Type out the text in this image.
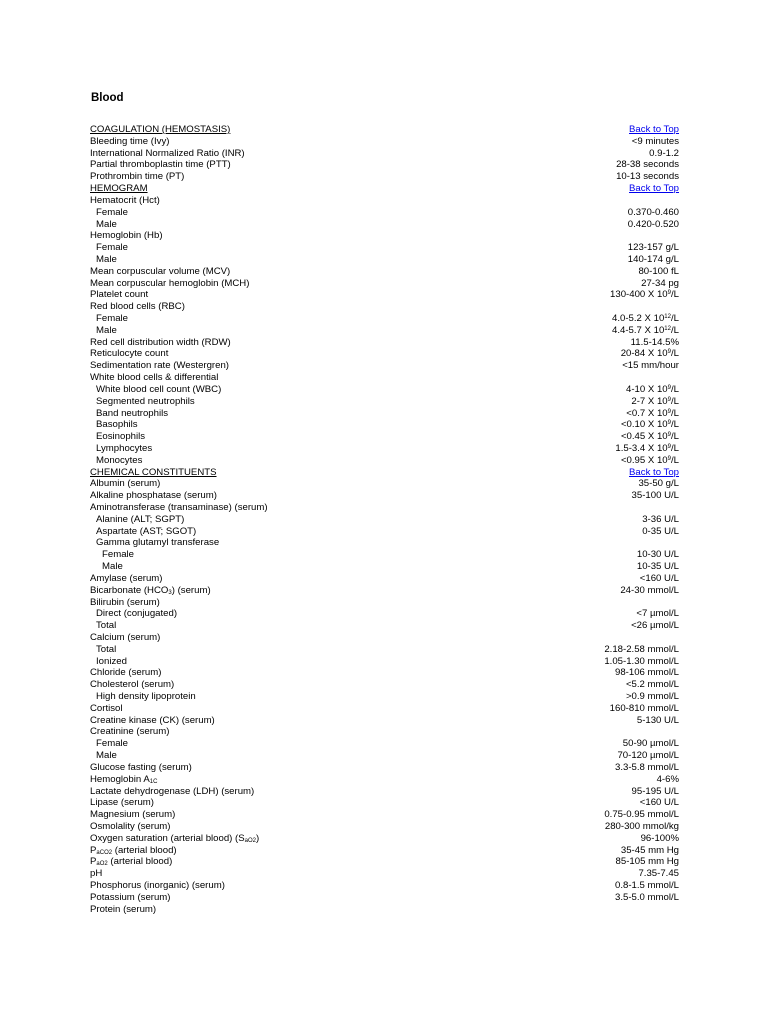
Blood
COAGULATION (HEMOSTASIS)	Back to Top
Bleeding time (Ivy)	<9 minutes
International Normalized Ratio (INR)	0.9-1.2
Partial thromboplastin time (PTT)	28-38 seconds
Prothrombin time (PT)	10-13 seconds
HEMOGRAM	Back to Top
Hematocrit (Hct)
Female	0.370-0.460
Male	0.420-0.520
Hemoglobin (Hb)
Female	123-157 g/L
Male	140-174 g/L
Mean corpuscular volume (MCV)	80-100 fL
Mean corpuscular hemoglobin (MCH)	27-34 pg
Platelet count	130-400 X $10^9/L$
Red blood cells (RBC)
Female	4.0-5.2 X $10^{12}/L$
Male	4.4-5.7 X $10^{12}/L$
Red cell distribution width (RDW)	11.5-14.5%
Reticulocyte count	20-84 X $10^9/L$
Sedimentation rate (Westergren)	<15 mm/hour
White blood cells & differential
White blood cell count (WBC)	4-10 X $10^9/L$
Segmented neutrophils	2-7 X $10^9/L$
Band neutrophils	<0.7 X $10^9/L$
Basophils	<0.10 X $10^9/L$
Eosinophils	<0.45 X $10^9/L$
Lymphocytes	1.5-3.4 X $10^9/L$
Monocytes	<0.95 X $10^9/L$
CHEMICAL CONSTITUENTS	Back to Top
Albumin (serum)	35-50 g/L
Alkaline phosphatase (serum)	35-100 U/L
Aminotransferase (transaminase) (serum)
Alanine (ALT; SGPT)	3-36 U/L
Aspartate (AST; SGOT)	0-35 U/L
Gamma glutamyl transferase
Female	10-30 U/L
Male	10-35 U/L
Amylase (serum)	<160 U/L
Bicarbonate $(HCO_3)$ (serum)	24-30 mmol/L
Bilirubin (serum)
Direct (conjugated)	<7 µmol/L
Total	<26 µmol/L
Calcium (serum)
Total	2.18-2.58 mmol/L
Ionized	1.05-1.30 mmol/L
Chloride (serum)	98-106 mmol/L
Cholesterol (serum)	<5.2 mmol/L
High density lipoprotein	>0.9 mmol/L
Cortisol	160-810 mmol/L
Creatine kinase (CK) (serum)	5-130 U/L
Creatinine (serum)
Female	50-90 µmol/L
Male	70-120 µmol/L
Glucose fasting (serum)	3.3-5.8 mmol/L
Hemoglobin $A_{1C}$	4-6%
Lactate dehydrogenase (LDH) (serum)	95-195 U/L
Lipase (serum)	<160 U/L
Magnesium (serum)	0.75-0.95 mmol/L
Osmolality (serum)	280-300 mmol/kg
Oxygen saturation (arterial blood) $(S_{aO2})$	96-100%
$P_{aCO2}$ (arterial blood)	35-45 mm Hg
$P_{aO2}$ (arterial blood)	85-105 mm Hg
pH	7.35-7.45
Phosphorus (inorganic) (serum)	0.8-1.5 mmol/L
Potassium (serum)	3.5-5.0 mmol/L
Protein (serum)
